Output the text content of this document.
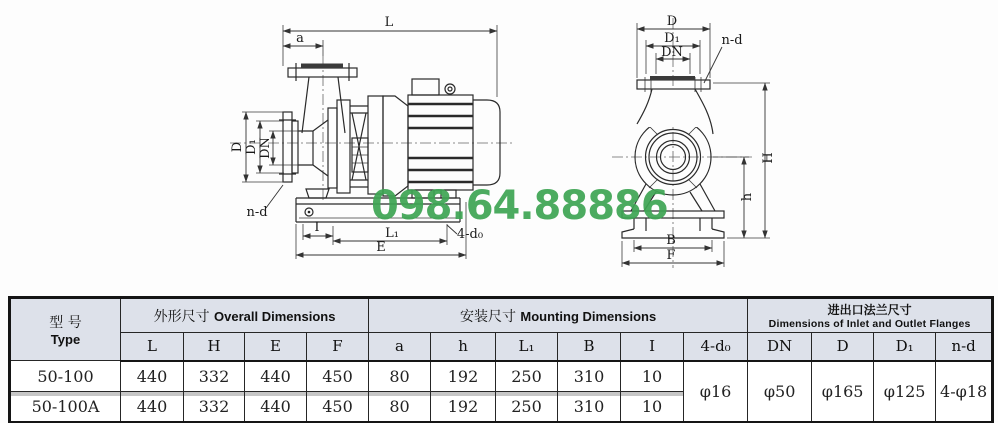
L
a
D D₁ DN
n-d
I	L₁	4-d₀
E
D
D₁
DN
n-d
H
h
B
F
098.64.88886
型 号
Type
	外形尺寸 Overall Dimensions	安装尺寸 Mounting Dimensions	进出口法兰尺寸
Dimensions of Inlet and Outlet Flanges

	L	H	E	F	a	h	L₁	B	I	4-d₀	DN	D	D₁	n-d
50-100	440	332	440	450	80	192	250	310	10	φ16	φ50	φ165	φ125	4-φ18
50-100A	440	332	440	450	80	192	250	310	10					
